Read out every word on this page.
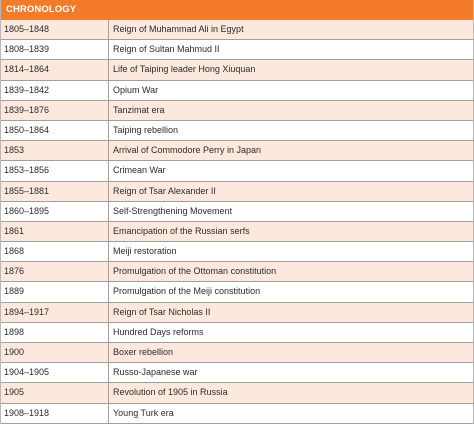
CHRONOLOGY
1805–1848	Reign of Muhammad Ali in Egypt
1808–1839	Reign of Sultan Mahmud II
1814–1864	Life of Taiping leader Hong Xiuquan
1839–1842	Opium War
1839–1876	Tanzimat era
1850–1864	Taiping rebellion
1853	Arrival of Commodore Perry in Japan
1853–1856	Crimean War
1855–1881	Reign of Tsar Alexander II
1860–1895	Self-Strengthening Movement
1861	Emancipation of the Russian serfs
1868	Meiji restoration
1876	Promulgation of the Ottoman constitution
1889	Promulgation of the Meiji constitution
1894–1917	Reign of Tsar Nicholas II
1898	Hundred Days reforms
1900	Boxer rebellion
1904–1905	Russo-Japanese war
1905	Revolution of 1905 in Russia
1908–1918	Young Turk era
